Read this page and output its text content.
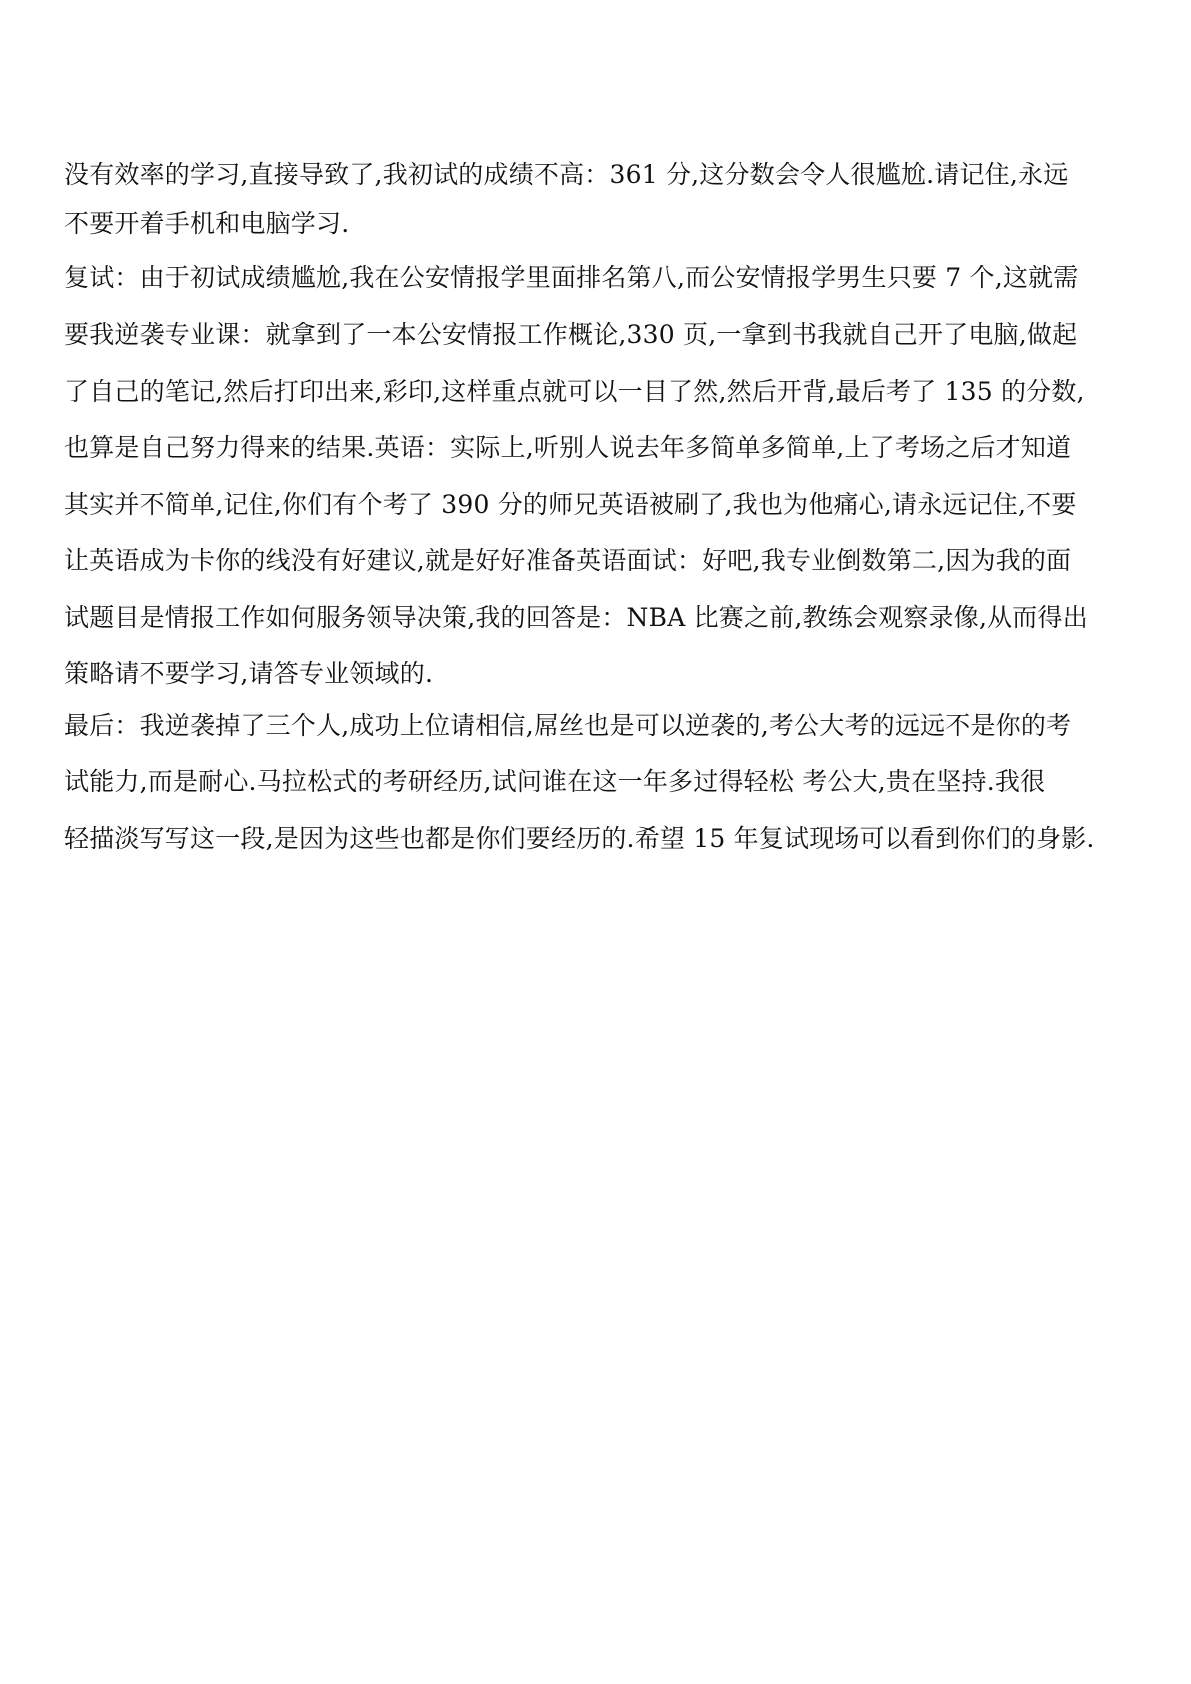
没有效率的学习,直接导致了,我初试的成绩不高：361 分,这分数会令人很尴尬.请记住,永远
不要开着手机和电脑学习.
复试：由于初试成绩尴尬,我在公安情报学里面排名第八,而公安情报学男生只要 7 个,这就需
要我逆袭专业课：就拿到了一本公安情报工作概论,330 页,一拿到书我就自己开了电脑,做起
了自己的笔记,然后打印出来,彩印,这样重点就可以一目了然,然后开背,最后考了 135 的分数,
也算是自己努力得来的结果.英语：实际上,听别人说去年多简单多简单,上了考场之后才知道
其实并不简单,记住,你们有个考了 390 分的师兄英语被刷了,我也为他痛心,请永远记住,不要
让英语成为卡你的线没有好建议,就是好好准备英语面试：好吧,我专业倒数第二,因为我的面
试题目是情报工作如何服务领导决策,我的回答是：NBA 比赛之前,教练会观察录像,从而得出
策略请不要学习,请答专业领域的.
最后：我逆袭掉了三个人,成功上位请相信,屌丝也是可以逆袭的,考公大考的远远不是你的考
试能力,而是耐心.马拉松式的考研经历,试问谁在这一年多过得轻松 考公大,贵在坚持.我很
轻描淡写写这一段,是因为这些也都是你们要经历的.希望 15 年复试现场可以看到你们的身影.
